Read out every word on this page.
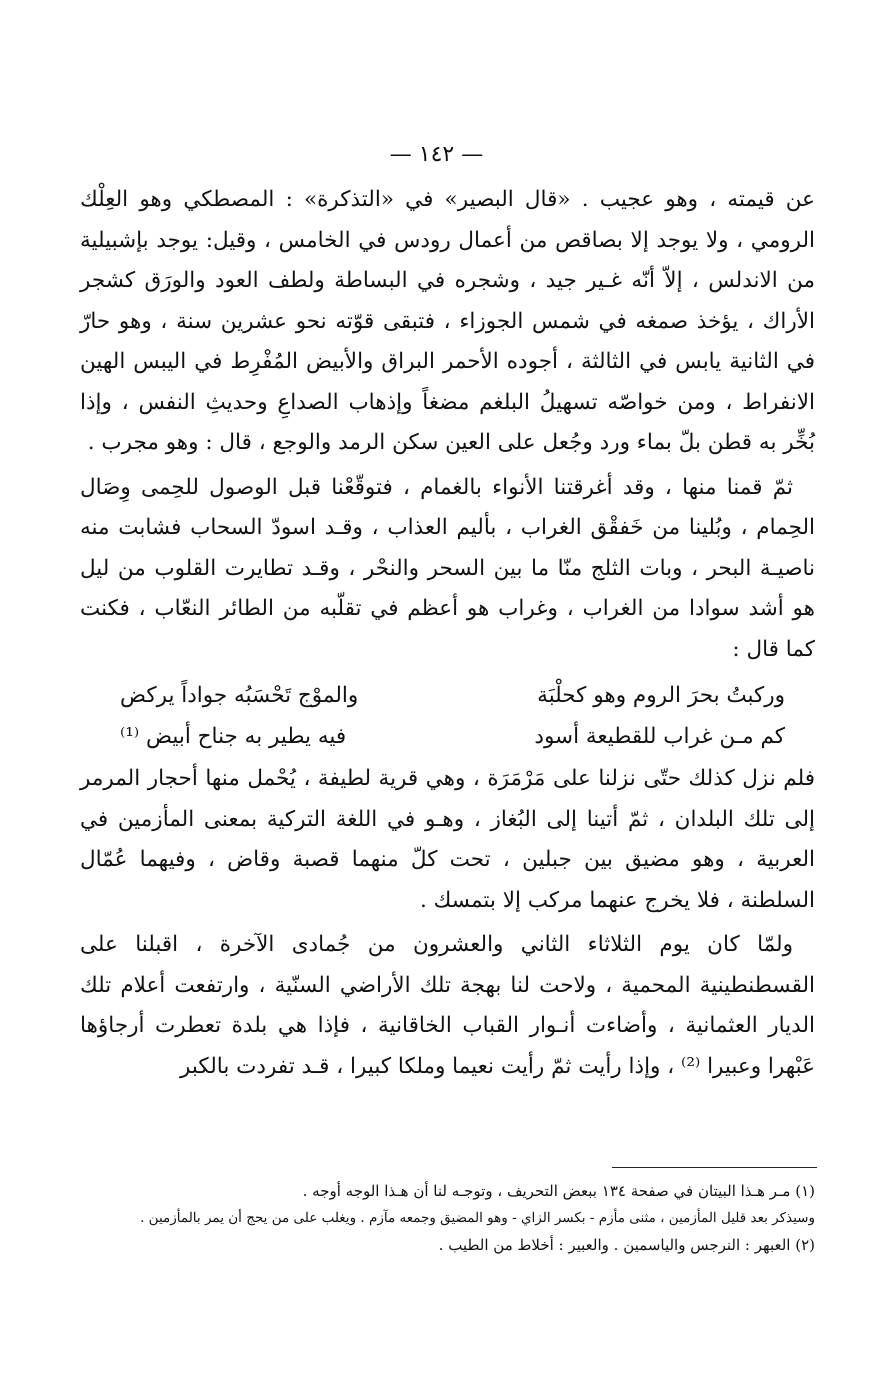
— ١٤٢ —

عن قيمته ، وهو عجيب . «قال البصير» في «التذكرة» : المصطكي وهو العِلْك الرومي ، ولا يوجد إلا بصاقص من أعمال رودس في الخامس ، وقيل: يوجد بإشبيلية من الاندلس ، إلاّ أنّه غـير جيد ، وشجره في البساطة ولطف العود والورَق كشجر الأراك ، يؤخذ صمغه في شمس الجوزاء ، فتبقى قوّته نحو عشرين سنة ، وهو حارّ في الثانية يابس في الثالثة ، أجوده الأحمر البراق والأبيض المُفْرِط في اليبس الهين الانفراط ، ومن خواصّه تسهيلُ البلغم مضغاً وإذهاب الصداعِ وحديثِ النفس ، وإذا بُخِّر به قطن بلّ بماء ورد وجُعل على العين سكن الرمد والوجع ، قال : وهو مجرب .

ثمّ قمنا منها ، وقد أغرقتنا الأنواء بالغمام ، فتوقّعْنا قبل الوصول للحِمى وِصَال الحِمام ، وبُلينا من خَفقْق الغراب ، بأليم العذاب ، وقـد اسودّ السحاب فشابت منه ناصيـة البحر ، وبات الثلج منّا ما بين السحر والنحْر ، وقـد تطايرت القلوب من ليل هو أشد سوادا من الغراب ، وغراب هو أعظم في تقلّبه من الطائر النعّاب ، فكنت كما قال :

وركبتُ بحرَ الروم وهو كحلْبَة
والموْج تَحْسَبُه جواداً يركض
كم مـن غراب للقطيعة أسود
فيه يطير به جناح أبيض ⁽¹⁾

فلم نزل كذلك حتّى نزلنا على مَرْمَرَة ، وهي قرية لطيفة ، يُحْمل منها أحجار المرمر إلى تلك البلدان ، ثمّ أتينا إلى البُغاز ، وهـو في اللغة التركية بمعنى المأزمين في العربية ، وهو مضيق بين جبلين ، تحت كلّ منهما قصبة وقاض ، وفيهما عُمّال السلطنة ، فلا يخرج عنهما مركب إلا بتمسك .

ولمّا كان يوم الثلاثاء الثاني والعشرون من جُمادى الآخرة ، اقبلنا على القسطنطينية المحمية ، ولاحت لنا بهجة تلك الأراضي السنّية ، وارتفعت أعلام تلك الديار العثمانية ، وأضاءت أنـوار القباب الخاقانية ، فإذا هي بلدة تعطرت أرجاؤها عَبْهرا وعبيرا ⁽²⁾ ، وإذا رأيت ثمّ رأيت نعيما وملكا كبيرا ، قـد تفردت بالكبر

(١) مـر هـذا البيتان في صفحة ١٣٤ ببعض التحريف ، وتوجـه لنا أن هـذا الوجه أوجه .

وسيذكر بعد قليل المأزمين ، مثنى مأزم - بكسر الزاي - وهو المضيق وجمعه مآزم . ويغلب على من يحج أن يمر بالمأزمين .

(٢) العبهر : النرجس والياسمين . والعبير : أخلاط من الطيب .
